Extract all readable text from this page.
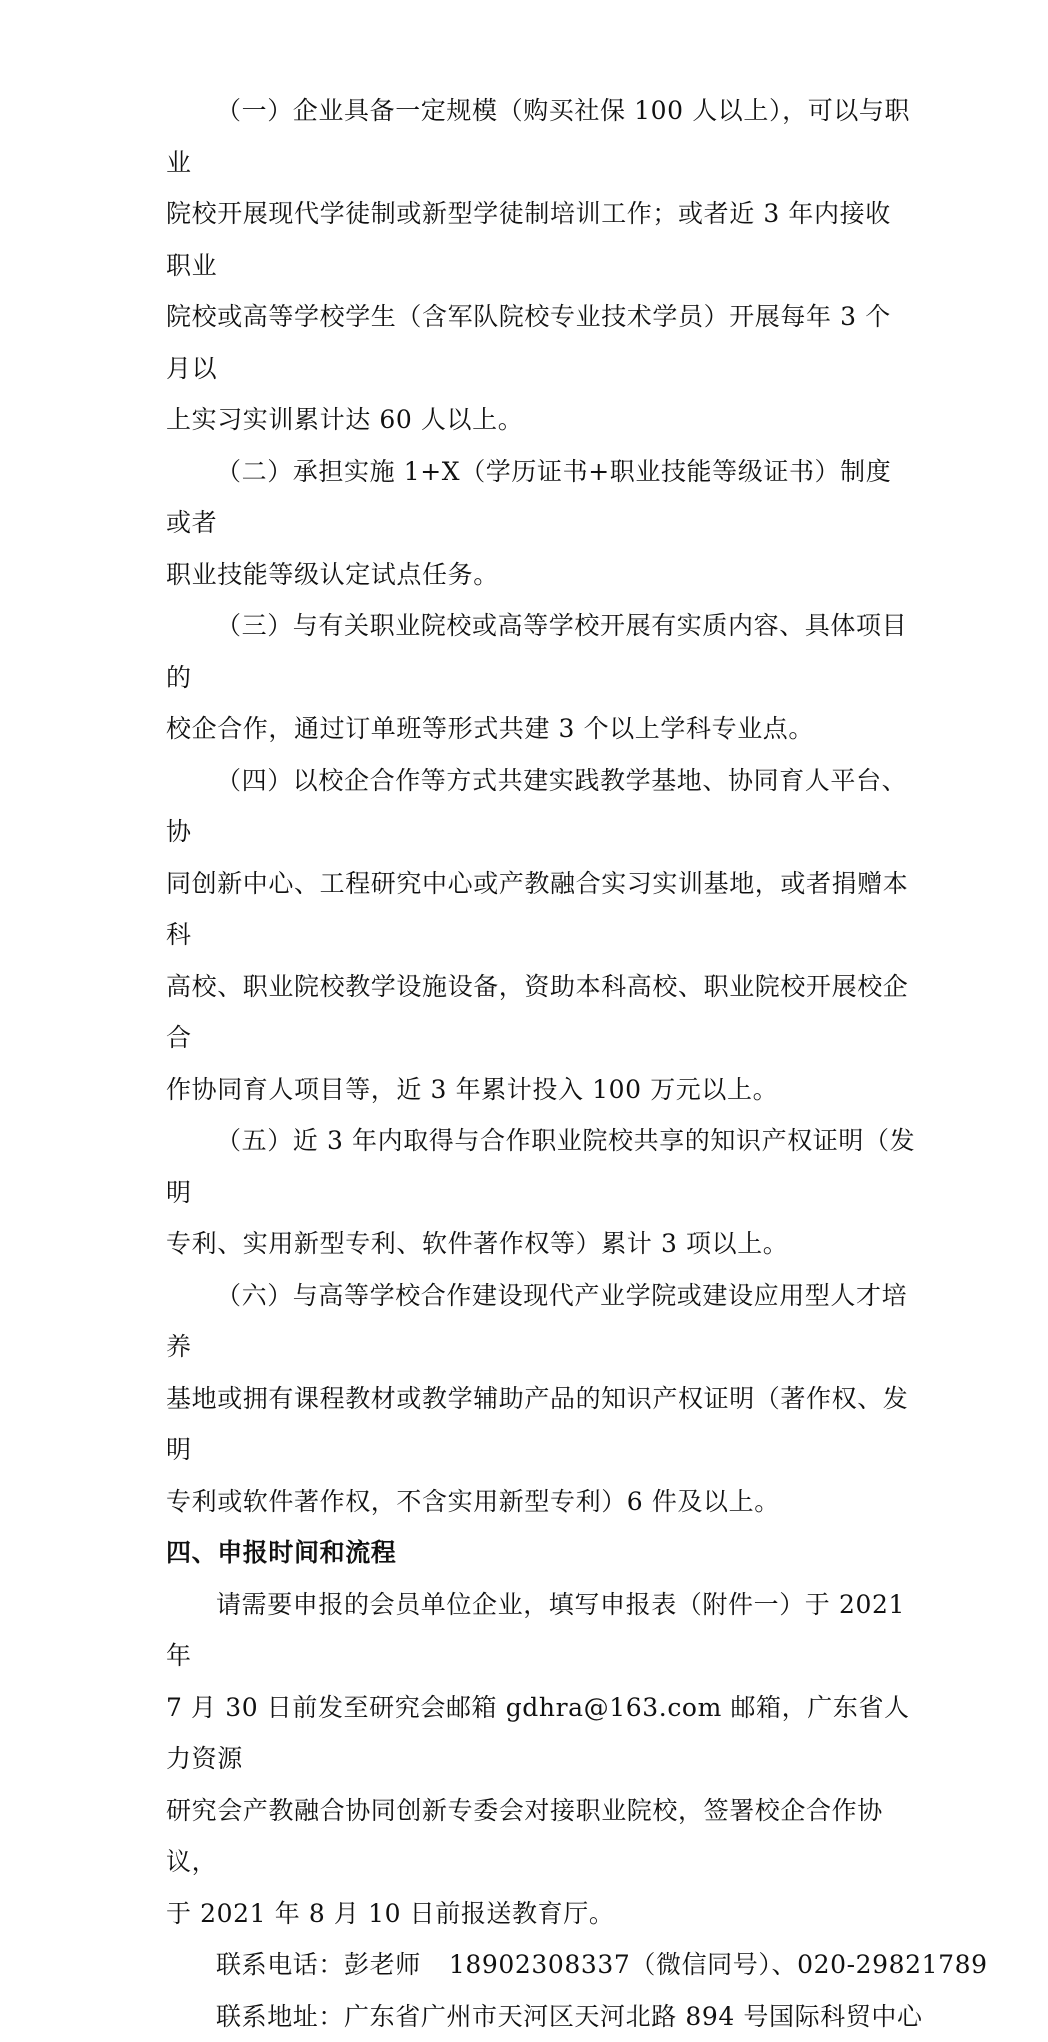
（一）企业具备一定规模（购买社保 100 人以上），可以与职业

院校开展现代学徒制或新型学徒制培训工作；或者近 3 年内接收职业

院校或高等学校学生（含军队院校专业技术学员）开展每年 3 个月以

上实习实训累计达 60 人以上。

（二）承担实施 1+X（学历证书+职业技能等级证书）制度或者

职业技能等级认定试点任务。

（三）与有关职业院校或高等学校开展有实质内容、具体项目的

校企合作，通过订单班等形式共建 3 个以上学科专业点。

（四）以校企合作等方式共建实践教学基地、协同育人平台、协

同创新中心、工程研究中心或产教融合实习实训基地，或者捐赠本科

高校、职业院校教学设施设备，资助本科高校、职业院校开展校企合

作协同育人项目等，近 3 年累计投入 100 万元以上。

（五）近 3 年内取得与合作职业院校共享的知识产权证明（发明

专利、实用新型专利、软件著作权等）累计 3 项以上。

（六）与高等学校合作建设现代产业学院或建设应用型人才培养

基地或拥有课程教材或教学辅助产品的知识产权证明（著作权、发明

专利或软件著作权，不含实用新型专利）6 件及以上。

四、申报时间和流程

请需要申报的会员单位企业，填写申报表（附件一）于 2021 年

7 月 30 日前发至研究会邮箱 gdhra@163.com 邮箱，广东省人力资源

研究会产教融合协同创新专委会对接职业院校，签署校企合作协议，

于 2021 年 8 月 10 日前报送教育厅。

联系电话：彭老师 18902308337（微信同号）、020-29821789

联系地址：广东省广州市天河区天河北路 894 号国际科贸中心
